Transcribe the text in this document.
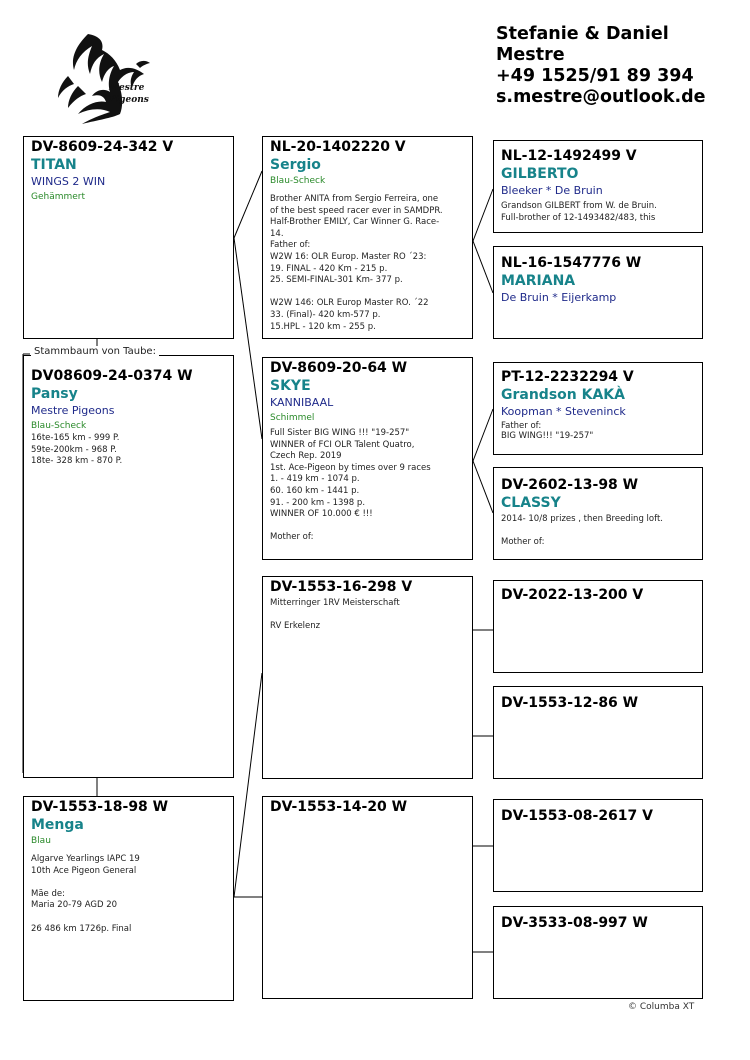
Stefanie & Daniel
Mestre
+49 1525/91 89 394
s.mestre@outlook.de
Mestre
Pigeons
DV-8609-24-342 V
TITAN
WINGS 2 WIN
Gehämmert
DV08609-24-0374 W
Pansy
Mestre Pigeons
Blau-Scheck
16te-165 km - 999 P.
59te-200km - 968 P.
18te- 328 km - 870 P.
Stammbaum von Taube:
DV-1553-18-98 W
Menga
Blau
Algarve Yearlings IAPC 19
10th Ace Pigeon General
Mãe de:
Maria 20-79 AGD 20
26 486 km 1726p. Final
NL-20-1402220 V
Sergio
Blau-Scheck
Brother ANITA from Sergio Ferreira, one
of the best speed racer ever in SAMDPR.
Half-Brother EMILY, Car Winner G. Race-
14.
Father of:
W2W 16: OLR Europ. Master RO ´23:
19. FINAL - 420 Km - 215 p.
25. SEMI-FINAL-301 Km- 377 p.
W2W 146: OLR Europ Master RO. ´22
33. (Final)- 420 km-577 p.
15.HPL - 120 km - 255 p.
DV-8609-20-64 W
SKYE
KANNIBAAL
Schimmel
Full Sister BIG WING !!! "19-257"
WINNER of FCI OLR Talent Quatro,
Czech Rep. 2019
1st. Ace-Pigeon by times over 9 races
1. - 419 km - 1074 p.
60. 160 km - 1441 p.
91. - 200 km - 1398 p.
WINNER OF 10.000 € !!!
Mother of:
DV-1553-16-298 V
Mitterringer 1RV Meisterschaft
RV Erkelenz
DV-1553-14-20 W
NL-12-1492499 V
GILBERTO
Bleeker * De Bruin
Grandson GILBERT from W. de Bruin.
Full-brother of 12-1493482/483, this
NL-16-1547776 W
MARIANA
De Bruin * Eijerkamp
PT-12-2232294 V
Grandson KAKÀ
Koopman * Steveninck
Father of:
BIG WING!!! "19-257"
DV-2602-13-98 W
CLASSY
2014- 10/8 prizes , then Breeding loft.
Mother of:
DV-2022-13-200 V
DV-1553-12-86 W
DV-1553-08-2617 V
DV-3533-08-997 W
© Columba XT
